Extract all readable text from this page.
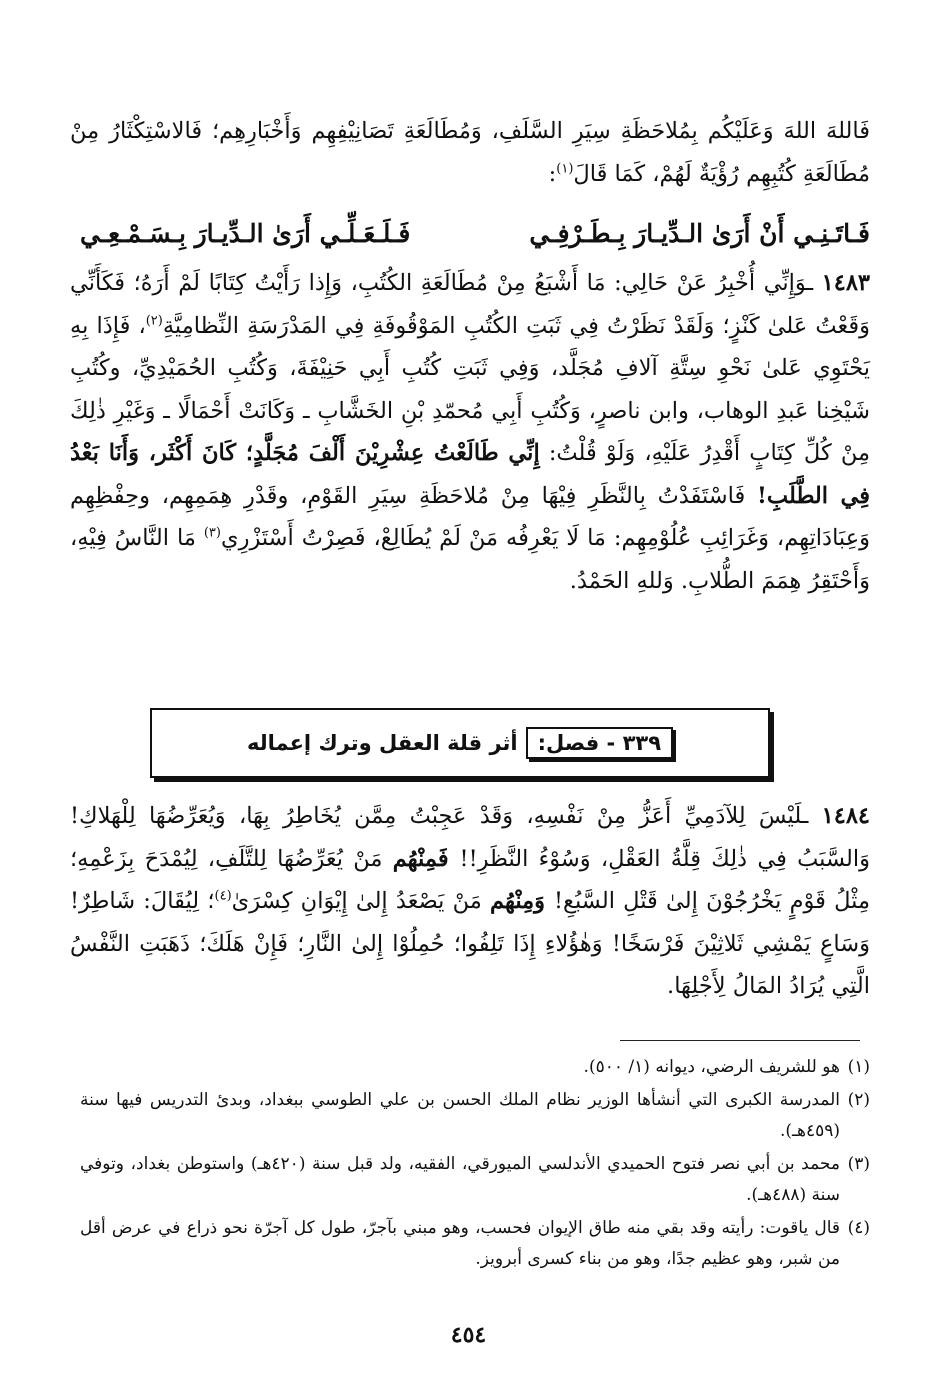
فَاللهَ اللهَ وَعَلَيْكُم بِمُلاحَظَةِ سِيَرِ السَّلَفِ، وَمُطَالَعَةِ تَصَانِيْفِهِم وَأَخْبَارِهِم؛ فَالاسْتِكْثَارُ مِنْ مُطَالَعَةِ كُتُبِهِم رُؤْيَةٌ لَهُمْ، كَمَا قَالَ$^{(١)}$:
فَـاتَـنِـي أَنْ أَرَىٰ الـدِّيـارَ بِـطَـرْفِـي
فَـلَـعَـلِّـي أَرَىٰ الـدِّيـارَ بِـسَـمْـعِـي
١٤٨٣ ـوَإِنِّي أُخْبِرُ عَنْ حَالِي: مَا أَشْبَعُ مِنْ مُطَالَعَةِ الكُتُبِ، وَإِذا رَأَيْتُ كِتَابًا لَمْ أَرَهُ؛ فَكَأَنِّي وَقَعْتُ عَلىٰ كَنْزٍ؛ وَلَقَدْ نَظَرْتُ فِي ثَبَتِ الكُتُبِ المَوْقُوفَةِ فِي المَدْرَسَةِ النِّظامِيَّةِ$^{(٢)}$، فَإِذَا بِهِ يَحْتَوِي عَلىٰ نَحْوِ سِتَّةِ آلافِ مُجَلَّد، وَفِي ثَبَتِ كُتُبِ أَبِي حَنِيْفَةَ، وَكُتُبِ الحُمَيْدِيِّ، وكُتُبِ شَيْخِنا عَبدِ الوهاب، وابن ناصرٍ، وَكُتُبِ أَبِي مُحمّدِ بْنِ الخَشَّابِ ـ وَكَانَتْ أَحْمَالًا ـ وَغَيْرِ ذٰلِكَ مِنْ كُلِّ كِتَابٍ أَقْدِرُ عَلَيْهِ، وَلَوْ قُلْتُ: إِنِّي طَالَعْتُ عِشْرِيْنَ أَلْفَ مُجَلَّدٍ؛ كَانَ أَكْثَر، وَأَنَا بَعْدُ فِي الطَّلَبِ! فَاسْتَفَدْتُ بِالنَّظَرِ فِيْهَا مِنْ مُلاحَظَةِ سِيَرِ القَوْمِ، وقَدْرِ هِمَمِهِم، وحِفْظِهِم وَعِبَادَاتِهِم، وَغَرَائِبِ عُلُوْمِهِم: مَا لَا يَعْرِفُه مَنْ لَمْ يُطَالِعْ، فَصِرْتُ أَسْتَزْرِي$^{(٣)}$ مَا النَّاسُ فِيْهِ، وَأَحْتَقِرُ هِمَمَ الطُّلابِ. وَللهِ الحَمْدُ.
٣٣٩ - فصل:
أثر قلة العقل وترك إعماله
١٤٨٤ ـلَيْسَ لِلآدَمِيِّ أَعَزُّ مِنْ نَفْسِهِ، وَقَدْ عَجِبْتُ مِمَّن يُخَاطِرُ بِهَا، وَيُعَرِّضُهَا لِلْهَلاكِ! وَالسَّبَبُ فِي ذٰلِكَ قِلَّةُ العَقْلِ، وَسُوْءُ النَّظَرِ!! فَمِنْهُم مَنْ يُعَرِّضُهَا لِلتَّلَفِ، لِيُمْدَحَ بِزَعْمِهِ؛ مِثْلُ قَوْمٍ يَخْرُجُوْنَ إِلىٰ قَتْلِ السَّبُعِ! وَمِنْهُم مَنْ يَصْعَدُ إِلىٰ إِيْوَانِ كِسْرَىٰ$^{(٤)}$؛ لِيُقَالَ: شَاطِرٌ! وَسَاعٍ يَمْشِي ثَلاثِيْنَ فَرْسَخًا! وَهٰؤُلاءِ إِذَا تَلِفُوا؛ حُمِلُوْا إِلىٰ النَّارِ؛ فَإِنْ هَلَكَ؛ ذَهَبَتِ النَّفْسُ الَّتِي يُرَادُ المَالُ لِأَجْلِهَا.
(١)
هو للشريف الرضي، ديوانه (١/ ٥٠٠).
(٢)
المدرسة الكبرى التي أنشأها الوزير نظام الملك الحسن بن علي الطوسي ببغداد، وبدئ التدريس فيها سنة (٤٥٩هـ).
(٣)
محمد بن أبي نصر فتوح الحميدي الأندلسي الميورقي، الفقيه، ولد قبل سنة (٤٢٠هـ) واستوطن بغداد، وتوفي سنة (٤٨٨هـ).
(٤)
قال ياقوت: رأيته وقد بقي منه طاق الإيوان فحسب، وهو مبني بآجرّ، طول كل آجرّة نحو ذراع في عرض أقل من شبر، وهو عظيم جدًا، وهو من بناء كسرى أبرويز.
٤٥٤
